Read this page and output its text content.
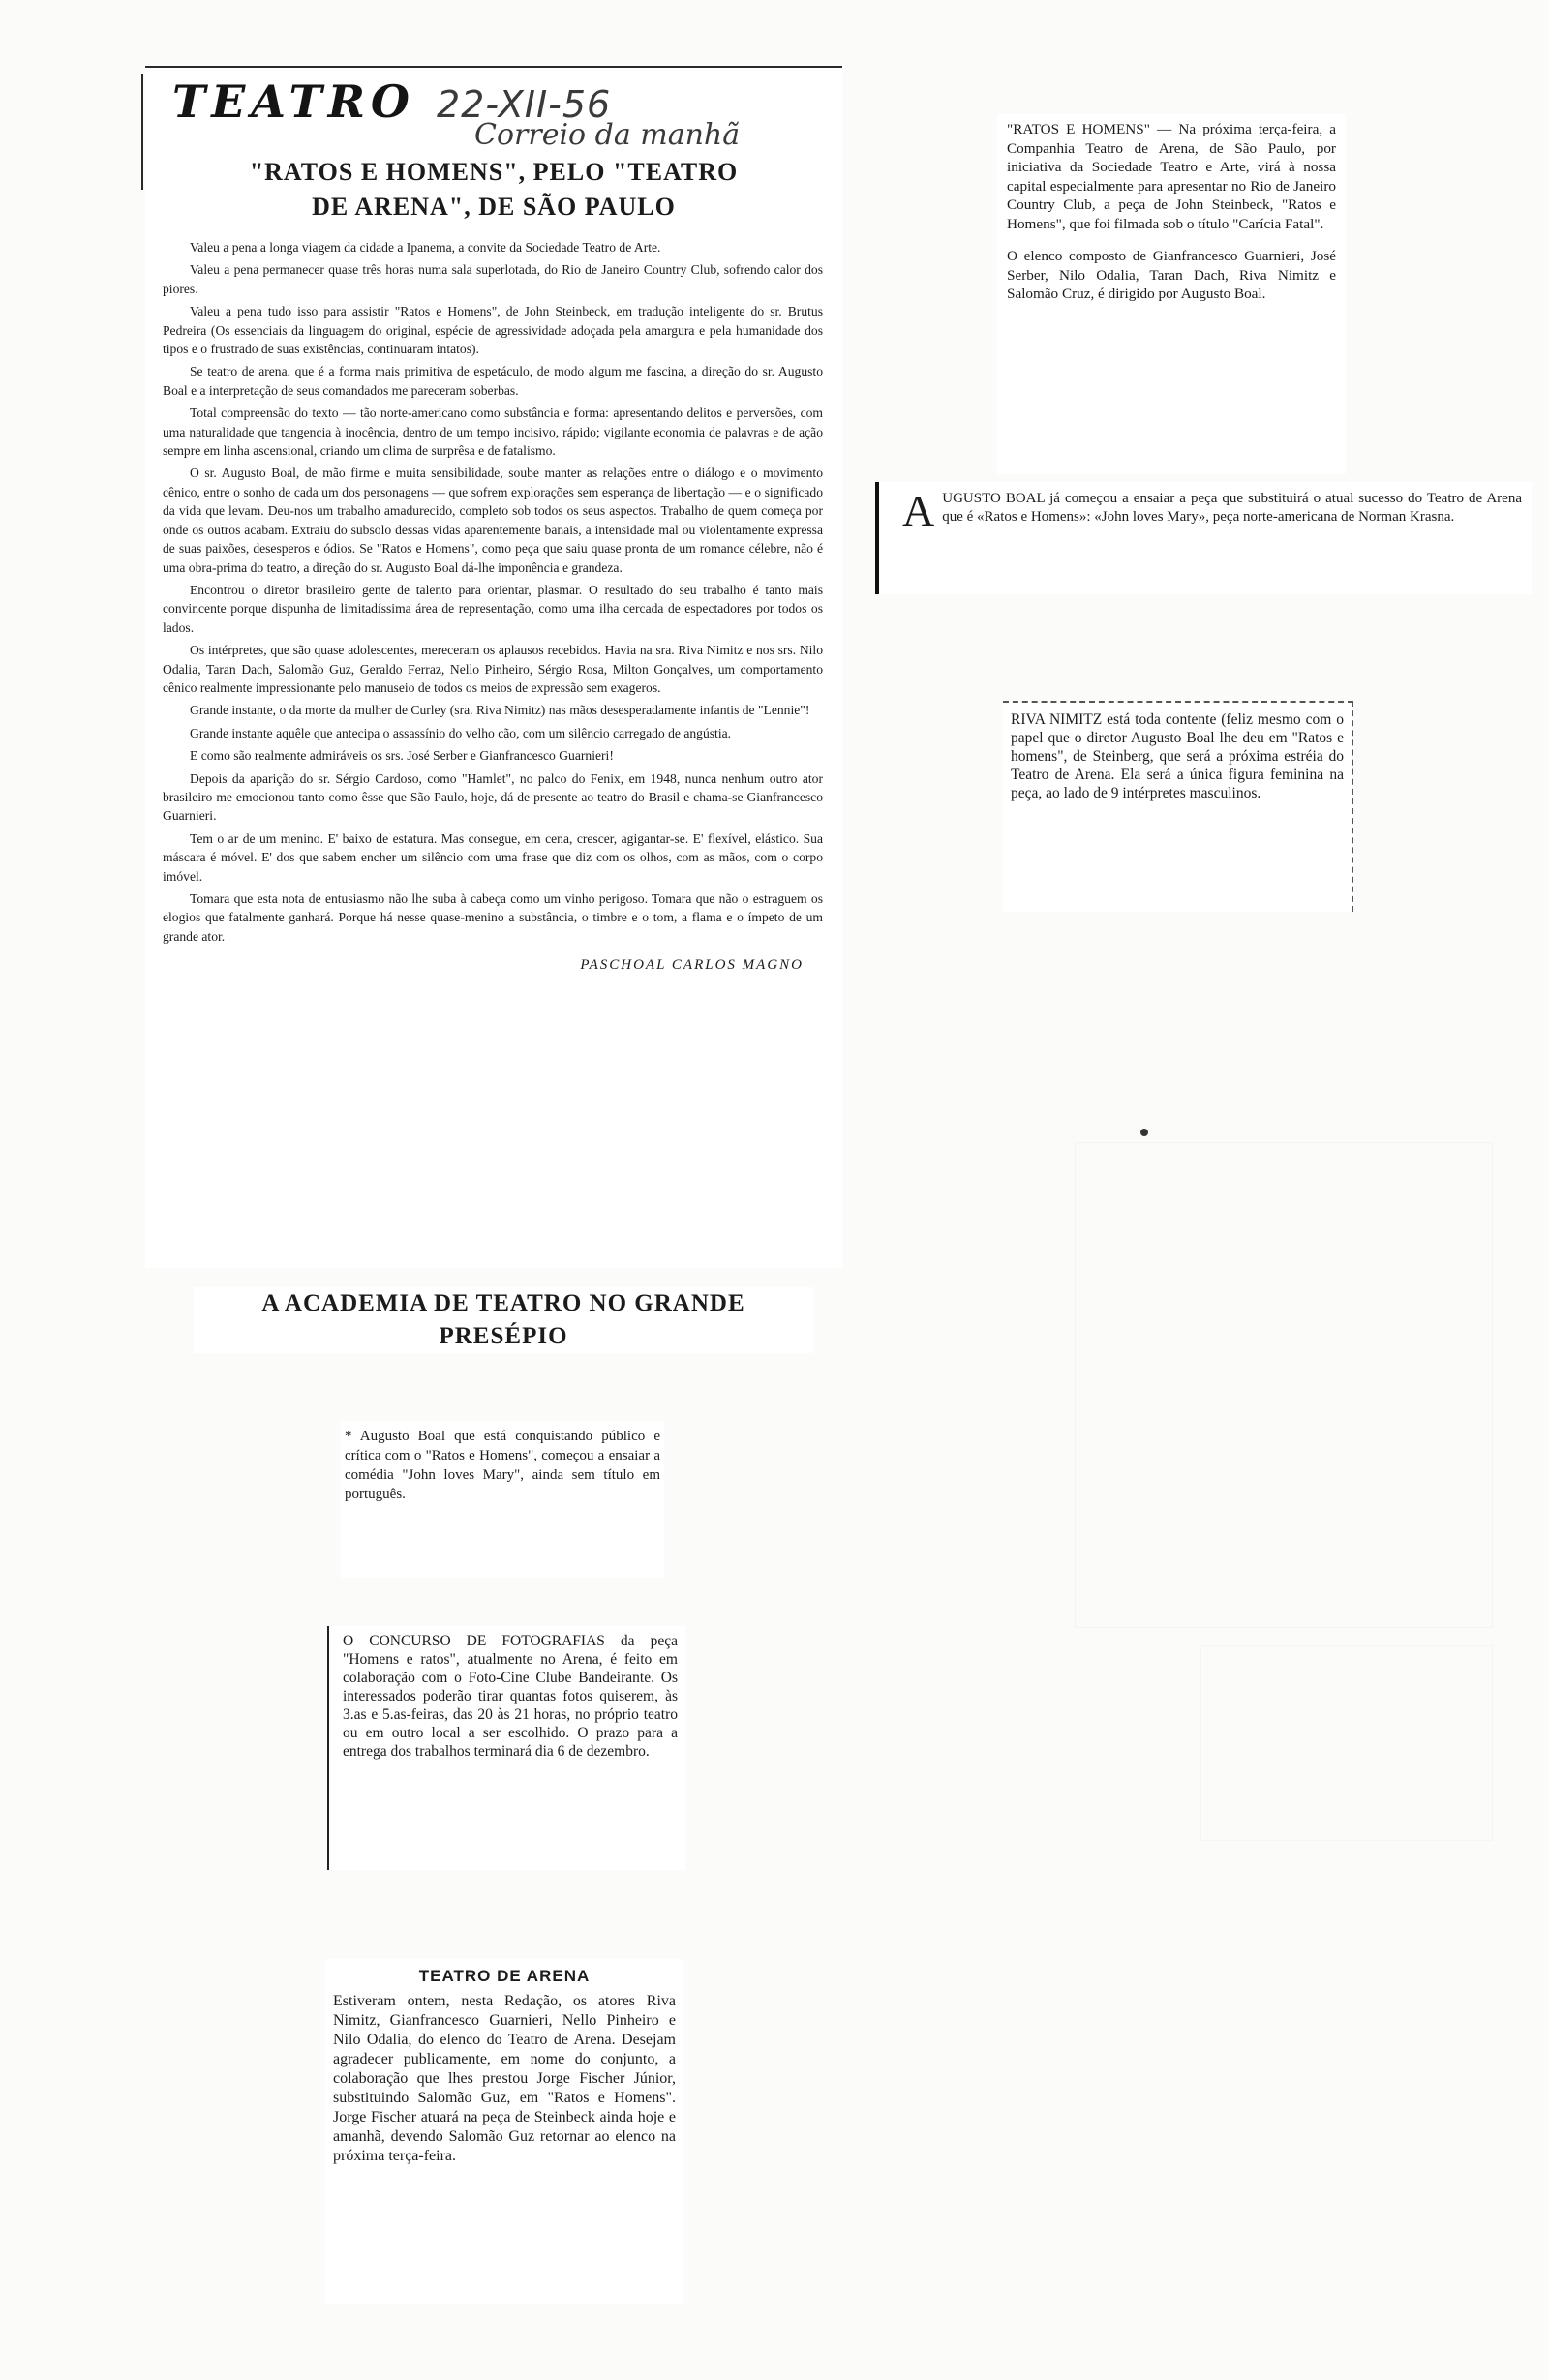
TEATRO 22-XII-56
Correio da manhã
"RATOS E HOMENS", PELO "TEATRO
DE ARENA", DE SÃO PAULO

Valeu a pena a longa viagem da cidade a Ipanema, a convite da Sociedade Teatro de Arte.

Valeu a pena permanecer quase três horas numa sala superlotada, do Rio de Janeiro Country Club, sofrendo calor dos piores.

Valeu a pena tudo isso para assistir "Ratos e Homens", de John Steinbeck, em tradução inteligente do sr. Brutus Pedreira (Os essenciais da linguagem do original, espécie de agressividade adoçada pela amargura e pela humanidade dos tipos e o frustrado de suas existências, continuaram intatos).

Se teatro de arena, que é a forma mais primitiva de espetáculo, de modo algum me fascina, a direção do sr. Augusto Boal e a interpretação de seus comandados me pareceram soberbas.

Total compreensão do texto — tão norte-americano como substância e forma: apresentando delitos e perversões, com uma naturalidade que tangencia à inocência, dentro de um tempo incisivo, rápido; vigilante economia de palavras e de ação sempre em linha ascensional, criando um clima de surprêsa e de fatalismo.

O sr. Augusto Boal, de mão firme e muita sensibilidade, soube manter as relações entre o diálogo e o movimento cênico, entre o sonho de cada um dos personagens — que sofrem explorações sem esperança de libertação — e o significado da vida que levam. Deu-nos um trabalho amadurecido, completo sob todos os seus aspectos. Trabalho de quem começa por onde os outros acabam. Extraiu do subsolo dessas vidas aparentemente banais, a intensidade mal ou violentamente expressa de suas paixões, desesperos e ódios. Se "Ratos e Homens", como peça que saiu quase pronta de um romance célebre, não é uma obra-prima do teatro, a direção do sr. Augusto Boal dá-lhe imponência e grandeza.

Encontrou o diretor brasileiro gente de talento para orientar, plasmar. O resultado do seu trabalho é tanto mais convincente porque dispunha de limitadíssima área de representação, como uma ilha cercada de espectadores por todos os lados.

Os intérpretes, que são quase adolescentes, mereceram os aplausos recebidos. Havia na sra. Riva Nimitz e nos srs. Nilo Odalia, Taran Dach, Salomão Guz, Geraldo Ferraz, Nello Pinheiro, Sérgio Rosa, Milton Gonçalves, um comportamento cênico realmente impressionante pelo manuseio de todos os meios de expressão sem exageros.

Grande instante, o da morte da mulher de Curley (sra. Riva Nimitz) nas mãos desesperadamente infantis de "Lennie"!

Grande instante aquêle que antecipa o assassínio do velho cão, com um silêncio carregado de angústia.

E como são realmente admiráveis os srs. José Serber e Gianfrancesco Guarnieri!

Depois da aparição do sr. Sérgio Cardoso, como "Hamlet", no palco do Fenix, em 1948, nunca nenhum outro ator brasileiro me emocionou tanto como êsse que São Paulo, hoje, dá de presente ao teatro do Brasil e chama-se Gianfrancesco Guarnieri.

Tem o ar de um menino. E' baixo de estatura. Mas consegue, em cena, crescer, agigantar-se. E' flexível, elástico. Sua máscara é móvel. E' dos que sabem encher um silêncio com uma frase que diz com os olhos, com as mãos, com o corpo imóvel.

Tomara que esta nota de entusiasmo não lhe suba à cabeça como um vinho perigoso. Tomara que não o estraguem os elogios que fatalmente ganhará. Porque há nesse quase-menino a substância, o timbre e o tom, a flama e o ímpeto de um grande ator.

PASCHOAL CARLOS MAGNO
A ACADEMIA DE TEATRO NO GRANDE
PRESÉPIO

* Augusto Boal que está conquistando público e crítica com o "Ratos e Homens", começou a ensaiar a comédia "John loves Mary", ainda sem título em português.

O CONCURSO DE FOTOGRAFIAS da peça "Homens e ratos", atualmente no Arena, é feito em colaboração com o Foto-Cine Clube Bandeirante. Os interessados poderão tirar quantas fotos quiserem, às 3.as e 5.as-feiras, das 20 às 21 horas, no próprio teatro ou em outro local a ser escolhido. O prazo para a entrega dos trabalhos terminará dia 6 de dezembro.

TEATRO DE ARENA

Estiveram ontem, nesta Redação, os atores Riva Nimitz, Gianfrancesco Guarnieri, Nello Pinheiro e Nilo Odalia, do elenco do Teatro de Arena. Desejam agradecer publicamente, em nome do conjunto, a colaboração que lhes prestou Jorge Fischer Júnior, substituindo Salomão Guz, em "Ratos e Homens". Jorge Fischer atuará na peça de Steinbeck ainda hoje e amanhã, devendo Salomão Guz retornar ao elenco na próxima terça-feira.

"RATOS E HOMENS" — Na próxima terça-feira, a Companhia Teatro de Arena, de São Paulo, por iniciativa da Sociedade Teatro e Arte, virá à nossa capital especialmente para apresentar no Rio de Janeiro Country Club, a peça de John Steinbeck, "Ratos e Homens", que foi filmada sob o título "Carícia Fatal".

O elenco composto de Gianfrancesco Guarnieri, José Serber, Nilo Odalia, Taran Dach, Riva Nimitz e Salomão Cruz, é dirigido por Augusto Boal.

A UGUSTO BOAL já começou a ensaiar a peça que substituirá o atual sucesso do Teatro de Arena que é «Ratos e Homens»: «John loves Mary», peça norte-americana de Norman Krasna.

RIVA NIMITZ está toda contente (feliz mesmo com o papel que o diretor Augusto Boal lhe deu em "Ratos e homens", de Steinberg, que será a próxima estréia do Teatro de Arena. Ela será a única figura feminina na peça, ao lado de 9 intérpretes masculinos.
